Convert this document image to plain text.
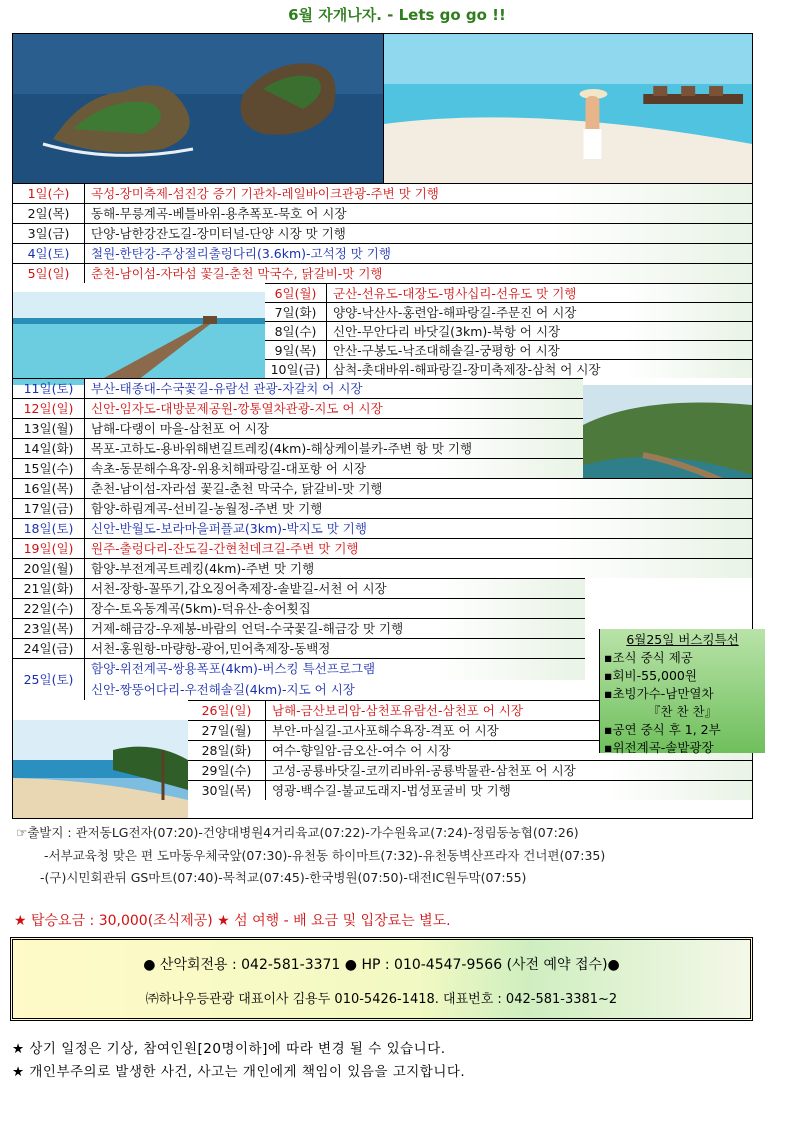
6월 자개나자. - Lets go go !!
1일(수)	곡성-장미축제-섬진강 증기 기관차-레일바이크관광-주변 맛 기행
2일(목)	동해-무릉계곡-베틀바위-용추폭포-묵호 어 시장
3일(금)	단양-남한강잔도길-장미터널-단양 시장 맛 기행
4일(토)	철원-한탄강-주상절리출렁다리(3.6km)-고석정 맛 기행
5일(일)	춘천-남이섬-자라섬 꽃길-춘천 막국수, 닭갈비-맛 기행
6일(월)	군산-선유도-대장도-명사십리-선유도 맛 기행
7일(화)	양양-낙산사-홍련암-해파랑길-주문진 어 시장
8일(수)	신안-무안다리 바닷길(3km)-북항 어 시장
9일(목)	안산-구봉도-낙조대해솔길-궁평항 어 시장
10일(금)	삼척-촛대바위-해파랑길-장미축제장-삼척 어 시장
11일(토)	부산-태종대-수국꽃길-유람선 관광-자갈치 어 시장
12일(일)	신안-임자도-대방문제공원-깡통열차관광-지도 어 시장
13일(월)	남해-다랭이 마을-삼천포 어 시장
14일(화)	목포-고하도-용바위해변길트레킹(4km)-해상케이블카-주변 항 맛 기행
15일(수)	속초-동문해수욕장-위용치해파랑길-대포항 어 시장
16일(목)	춘천-남이섬-자라섬 꽃길-춘천 막국수, 닭갈비-맛 기행
17일(금)	함양-하림계곡-선비길-농월정-주변 맛 기행
18일(토)	신안-반월도-보라마을퍼플교(3km)-박지도 맛 기행
19일(일)	원주-출렁다리-잔도길-간현천데크길-주변 맛 기행
20일(월)	함양-부전계곡트레킹(4km)-주변 맛 기행
21일(화)	서천-장항-꼴뚜기,갑오징어축제장-솔밭길-서천 어 시장
22일(수)	장수-토옥동계곡(5km)-덕유산-송어횟집
23일(목)	거제-해금강-우제봉-바람의 언덕-수국꽃길-해금강 맛 기행
24일(금)	서천-홍원항-마량항-광어,민어축제장-동백정
25일(토)
함양-위전계곡-쌍용폭포(4km)-버스킹 특선프로그램
신안-짱뚱어다리-우전해솔길(4km)-지도 어 시장
26일(일)	남해-금산보리암-삼천포유람선-삼천포 어 시장
27일(월)	부안-마실길-고사포해수욕장-격포 어 시장
28일(화)	여수-향일암-금오산-여수 어 시장
29일(수)	고성-공룡바닷길-코끼리바위-공룡박물관-삼천포 어 시장
30일(목)	영광-백수길-불교도래지-법성포굴비 맛 기행
6월25일 버스킹특선
▪조식 중식 제공
▪회비-55,000원
▪초빙가수-남만열차
『찬 찬 찬』
▪공연 중식 후 1, 2부
▪위전계곡-솔밭광장
☞출발지 : 관저동LG전자(07:20)-건양대병원4거리육교(07:22)-가수원육교(7:24)-정림동농협(07:26)
-서부교육청 맞은 편 도마동우체국앞(07:30)-유천동 하이마트(7:32)-유천동벽산프라자 건너편(07:35)
-(구)시민회관뒤 GS마트(07:40)-목척교(07:45)-한국병원(07:50)-대전IC원두막(07:55)
★ 탑승요금 : 30,000(조식제공) ★ 섬 여행 - 배 요금 및 입장료는 별도.
● 산악회전용 : 042-581-3371 ● HP : 010-4547-9566 (사전 예약 접수)●
㈜하나우등관광 대표이사 김용두 010-5426-1418. 대표번호 : 042-581-3381~2
★ 상기 일정은 기상, 참여인원[20명이하]에 따라 변경 될 수 있습니다.
★ 개인부주의로 발생한 사건, 사고는 개인에게 책임이 있음을 고지합니다.
